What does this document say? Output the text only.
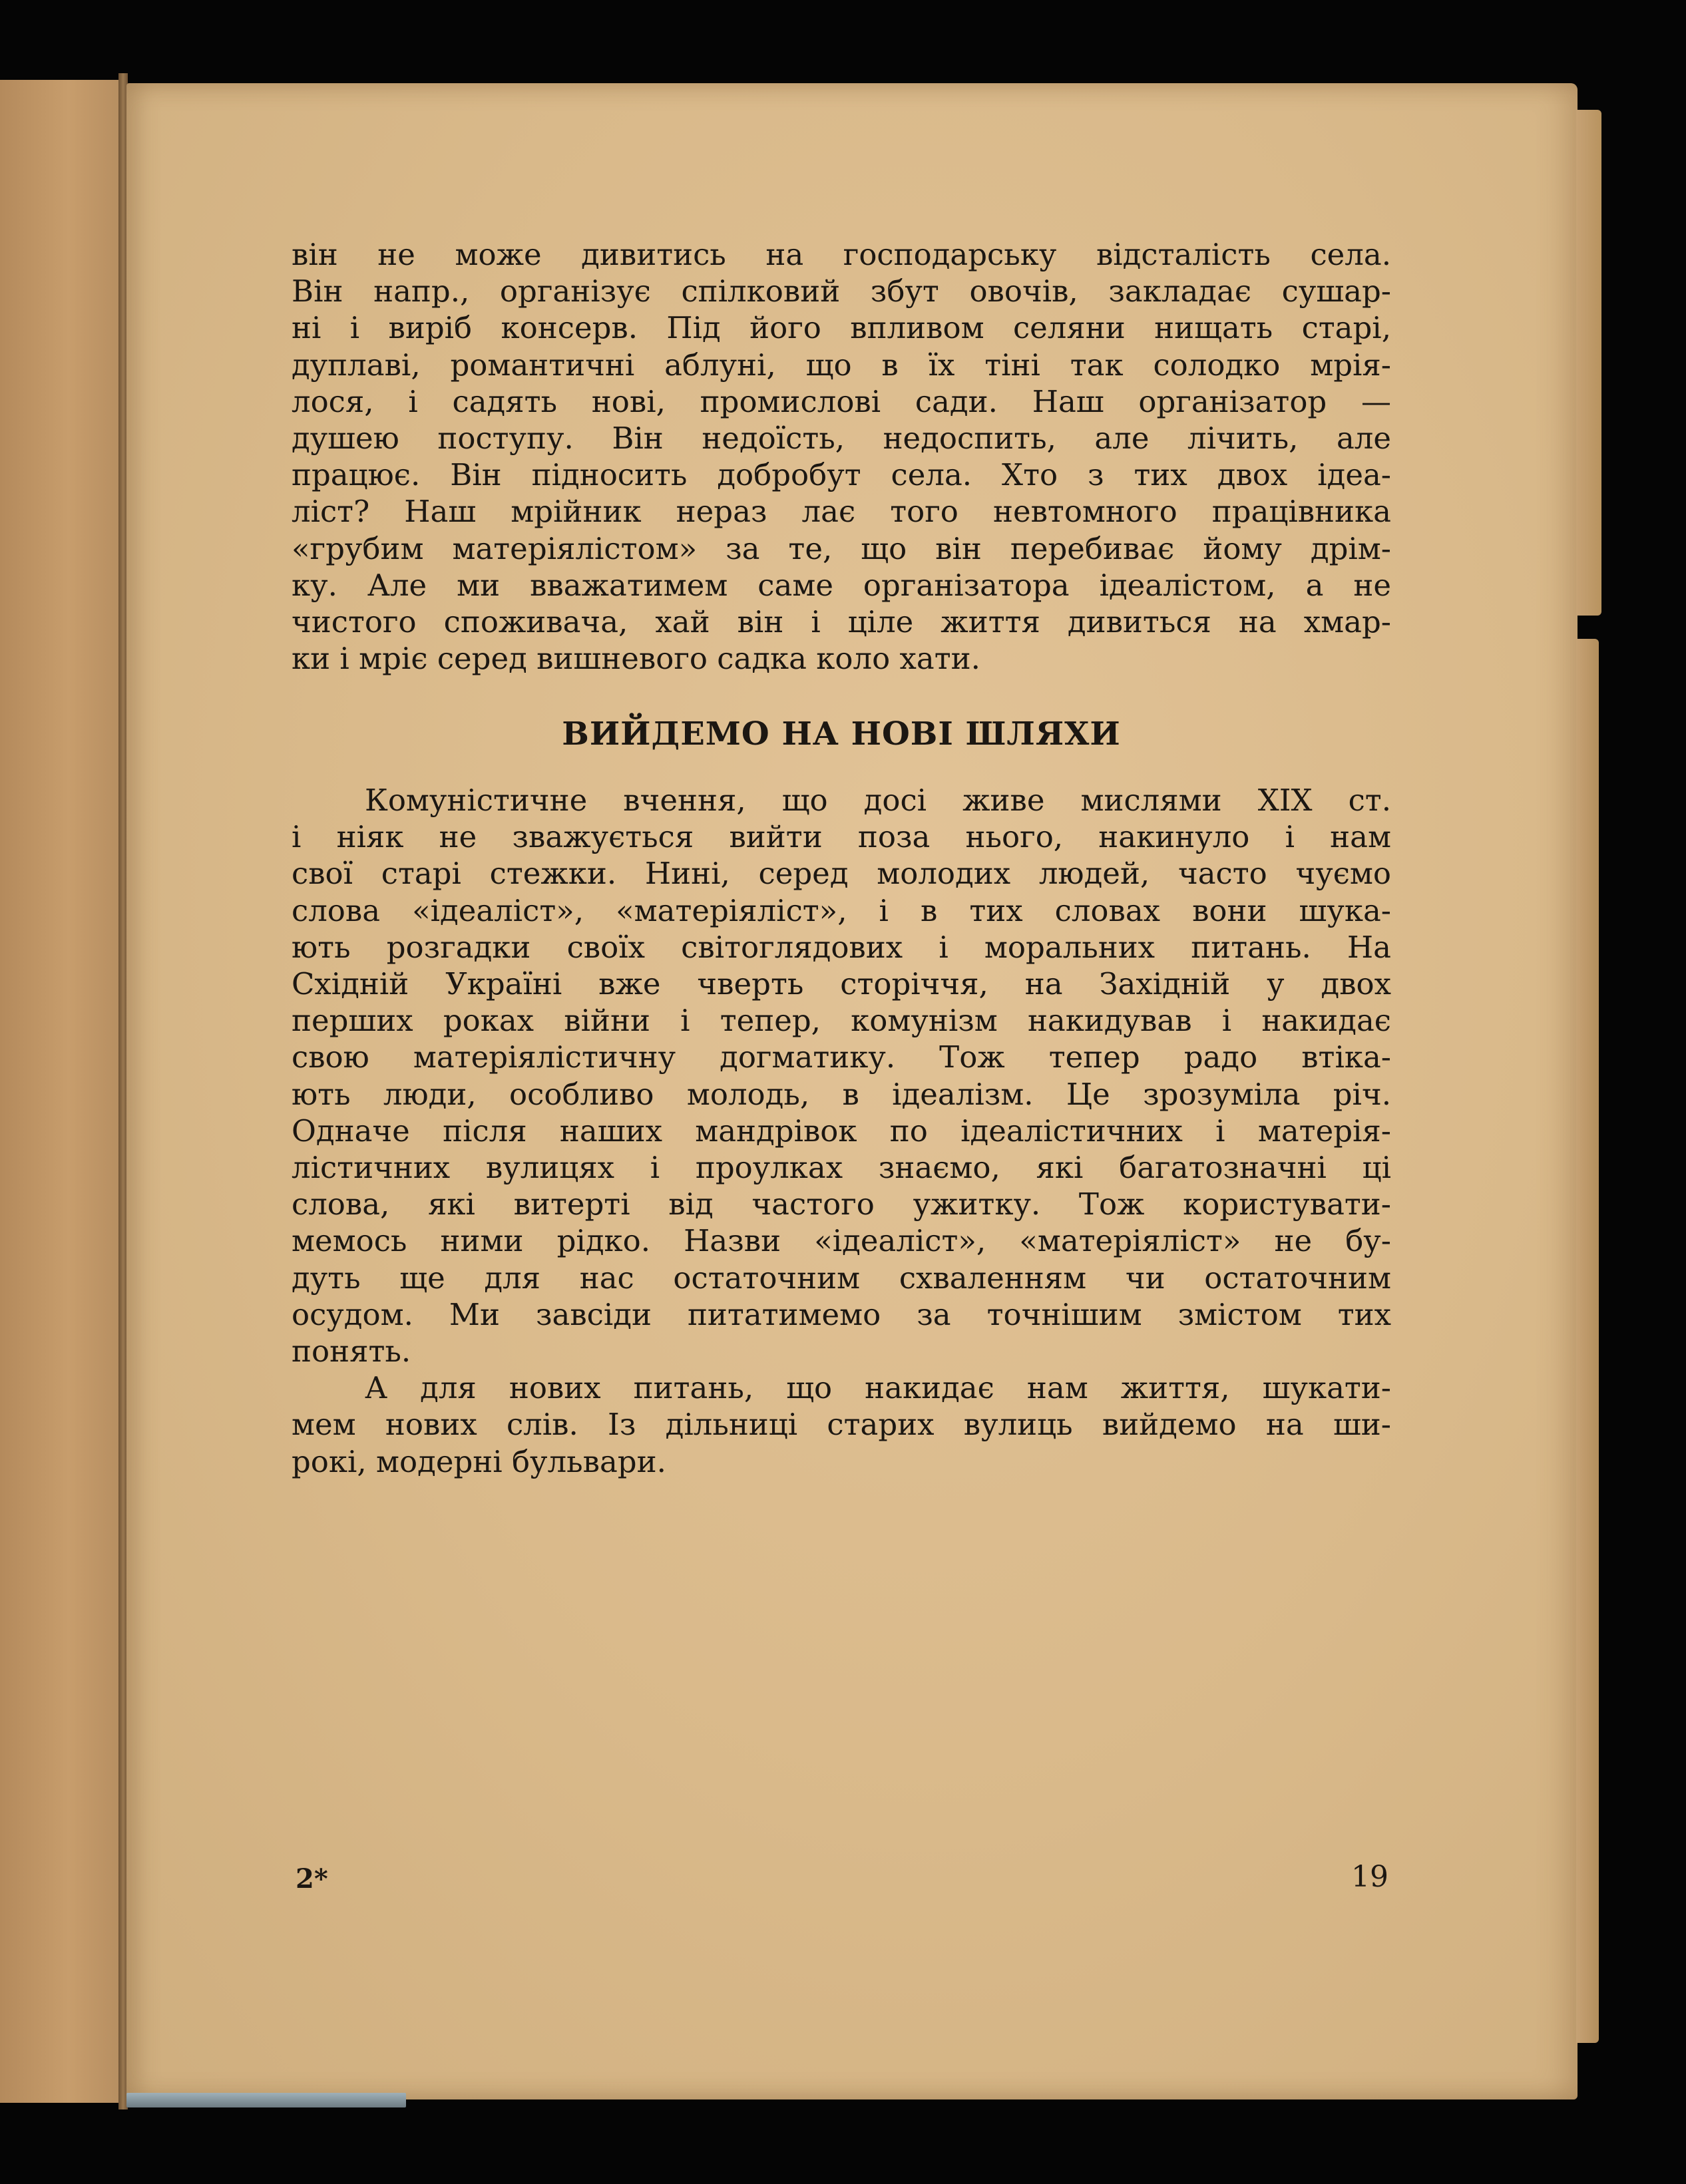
він не може дивитись на господарську відсталість села.
Він напр., організує спілковий збут овочів, закладає сушар-
ні і виріб консерв. Під його впливом селяни нищать старі,
дуплаві, романтичні аблуні, що в їх тіні так солодко мрія-
лося, і садять нові, промислові сади. Наш організатор —
душею поступу. Він недоїсть, недоспить, але лічить, але
працює. Він підносить добробут села. Хто з тих двох ідеа-
ліст? Наш мрійник нераз лає того невтомного працівника
«грубим матеріялістом» за те, що він перебиває йому дрім-
ку. Але ми вважатимем саме організатора ідеалістом, а не
чистого споживача, хай він і ціле життя дивиться на хмар-
ки і мріє серед вишневого садка коло хати.
ВИЙДЕМО НА НОВІ ШЛЯХИ
Комуністичне вчення, що досі живе мислями XIX ст.
і ніяк не зважується вийти поза нього, накинуло і нам
свої старі стежки. Нині, серед молодих людей, часто чуємо
слова «ідеаліст», «матеріяліст», і в тих словах вони шука-
ють розгадки своїх світоглядових і моральних питань. На
Східній Україні вже чверть сторіччя, на Західній у двох
перших роках війни і тепер, комунізм накидував і накидає
свою матеріялістичну догматику. Тож тепер радо втіка-
ють люди, особливо молодь, в ідеалізм. Це зрозуміла річ.
Одначе після наших мандрівок по ідеалістичних і матерія-
лістичних вулицях і проулках знаємо, які багатозначні ці
слова, які витерті від частого ужитку. Тож користувати-
мемось ними рідко. Назви «ідеаліст», «матеріяліст» не бу-
дуть ще для нас остаточним схваленням чи остаточним
осудом. Ми завсіди питатимемо за точнішим змістом тих
понять.
А для нових питань, що накидає нам життя, шукати-
мем нових слів. Із дільниці старих вулиць вийдемо на ши-
рокі, модерні бульвари.
2*	19
